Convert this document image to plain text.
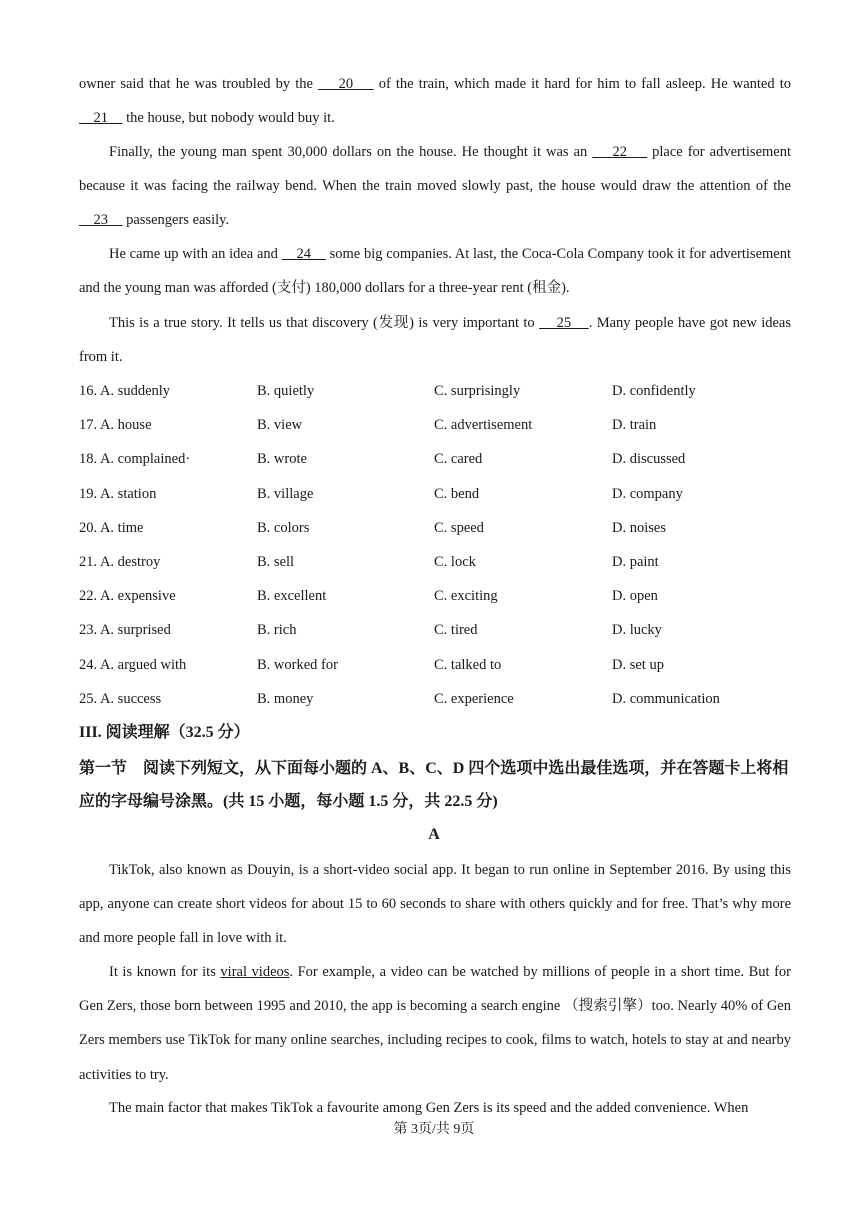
owner said that he was troubled by the     20     of the train, which made it hard for him to fall asleep. He wanted to     21     the house, but nobody would buy it.

Finally, the young man spent 30,000 dollars on the house. He thought it was an     22     place for advertisement because it was facing the railway bend. When the train moved slowly past, the house would draw the attention of the     23     passengers easily.

He came up with an idea and     24     some big companies. At last, the Coca-Cola Company took it for advertisement and the young man was afforded (支付) 180,000 dollars for a three-year rent (租金).

This is a true story. It tells us that discovery (发现) is very important to     25    . Many people have got new ideas from it.

16. A. suddenly	B. quietly	C. surprisingly	D. confidently
17. A. house	B. view	C. advertisement	D. train
18. A. complained·	B. wrote	C. cared	D. discussed
19. A. station	B. village	C. bend	D. company
20. A. time	B. colors	C. speed	D. noises
21. A. destroy	B. sell	C. lock	D. paint
22. A. expensive	B. excellent	C. exciting	D. open
23. A. surprised	B. rich	C. tired	D. lucky
24. A. argued with	B. worked for	C. talked to	D. set up
25. A. success	B. money	C. experience	D. communication

III. 阅读理解（32.5 分）

第一节　阅读下列短文，从下面每小题的 A、B、C、D 四个选项中选出最佳选项，并在答题卡上将相应的字母编号涂黑。(共 15 小题，每小题 1.5 分，共 22.5 分)

A

TikTok, also known as Douyin, is a short-video social app. It began to run online in September 2016. By using this app, anyone can create short videos for about 15 to 60 seconds to share with others quickly and for free. That’s why more and more people fall in love with it.

It is known for its viral videos. For example, a video can be watched by millions of people in a short time. But for Gen Zers, those born between 1995 and 2010, the app is becoming a search engine （搜索引擎）too. Nearly 40% of Gen Zers members use TikTok for many online searches, including recipes to cook, films to watch, hotels to stay at and nearby activities to try.

The main factor that makes TikTok a favourite among Gen Zers is its speed and the added convenience. When

第 3页/共 9页
